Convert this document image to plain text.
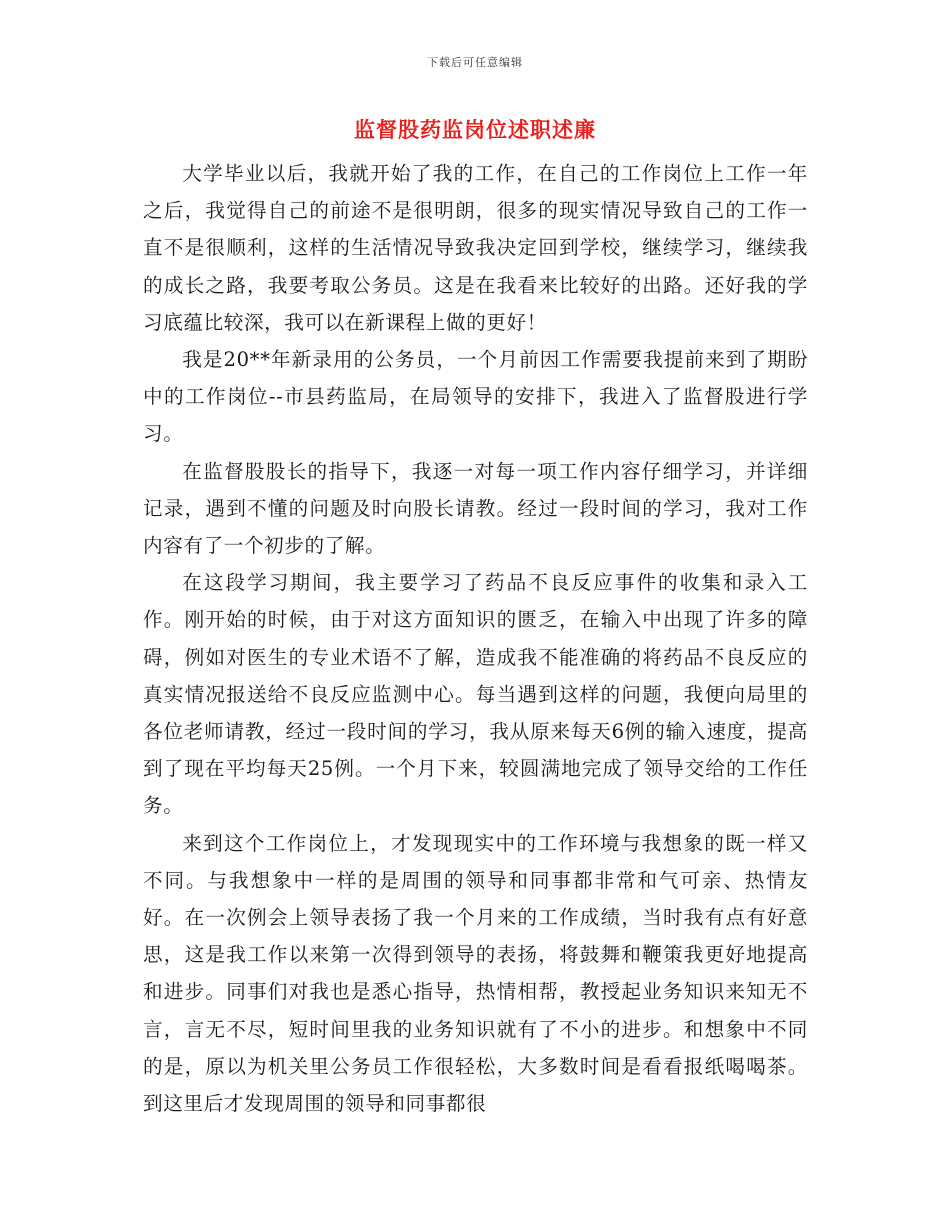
下载后可任意编辑
监督股药监岗位述职述廉

大学毕业以后，我就开始了我的工作，在自己的工作岗位上工作一年之后，我觉得自己的前途不是很明朗，很多的现实情况导致自己的工作一直不是很顺利，这样的生活情况导致我决定回到学校，继续学习，继续我的成长之路，我要考取公务员。这是在我看来比较好的出路。还好我的学习底蕴比较深，我可以在新课程上做的更好！

我是20**年新录用的公务员，一个月前因工作需要我提前来到了期盼中的工作岗位--市县药监局，在局领导的安排下，我进入了监督股进行学习。

在监督股股长的指导下，我逐一对每一项工作内容仔细学习，并详细记录，遇到不懂的问题及时向股长请教。经过一段时间的学习，我对工作内容有了一个初步的了解。

在这段学习期间，我主要学习了药品不良反应事件的收集和录入工作。刚开始的时候，由于对这方面知识的匮乏，在输入中出现了许多的障碍，例如对医生的专业术语不了解，造成我不能准确的将药品不良反应的真实情况报送给不良反应监测中心。每当遇到这样的问题，我便向局里的各位老师请教，经过一段时间的学习，我从原来每天6例的输入速度，提高到了现在平均每天25例。一个月下来，较圆满地完成了领导交给的工作任务。

来到这个工作岗位上，才发现现实中的工作环境与我想象的既一样又不同。与我想象中一样的是周围的领导和同事都非常和气可亲、热情友好。在一次例会上领导表扬了我一个月来的工作成绩，当时我有点有好意思，这是我工作以来第一次得到领导的表扬，将鼓舞和鞭策我更好地提高和进步。同事们对我也是悉心指导，热情相帮，教授起业务知识来知无不言，言无不尽，短时间里我的业务知识就有了不小的进步。和想象中不同的是，原以为机关里公务员工作很轻松，大多数时间是看看报纸喝喝茶。到这里后才发现周围的领导和同事都很
